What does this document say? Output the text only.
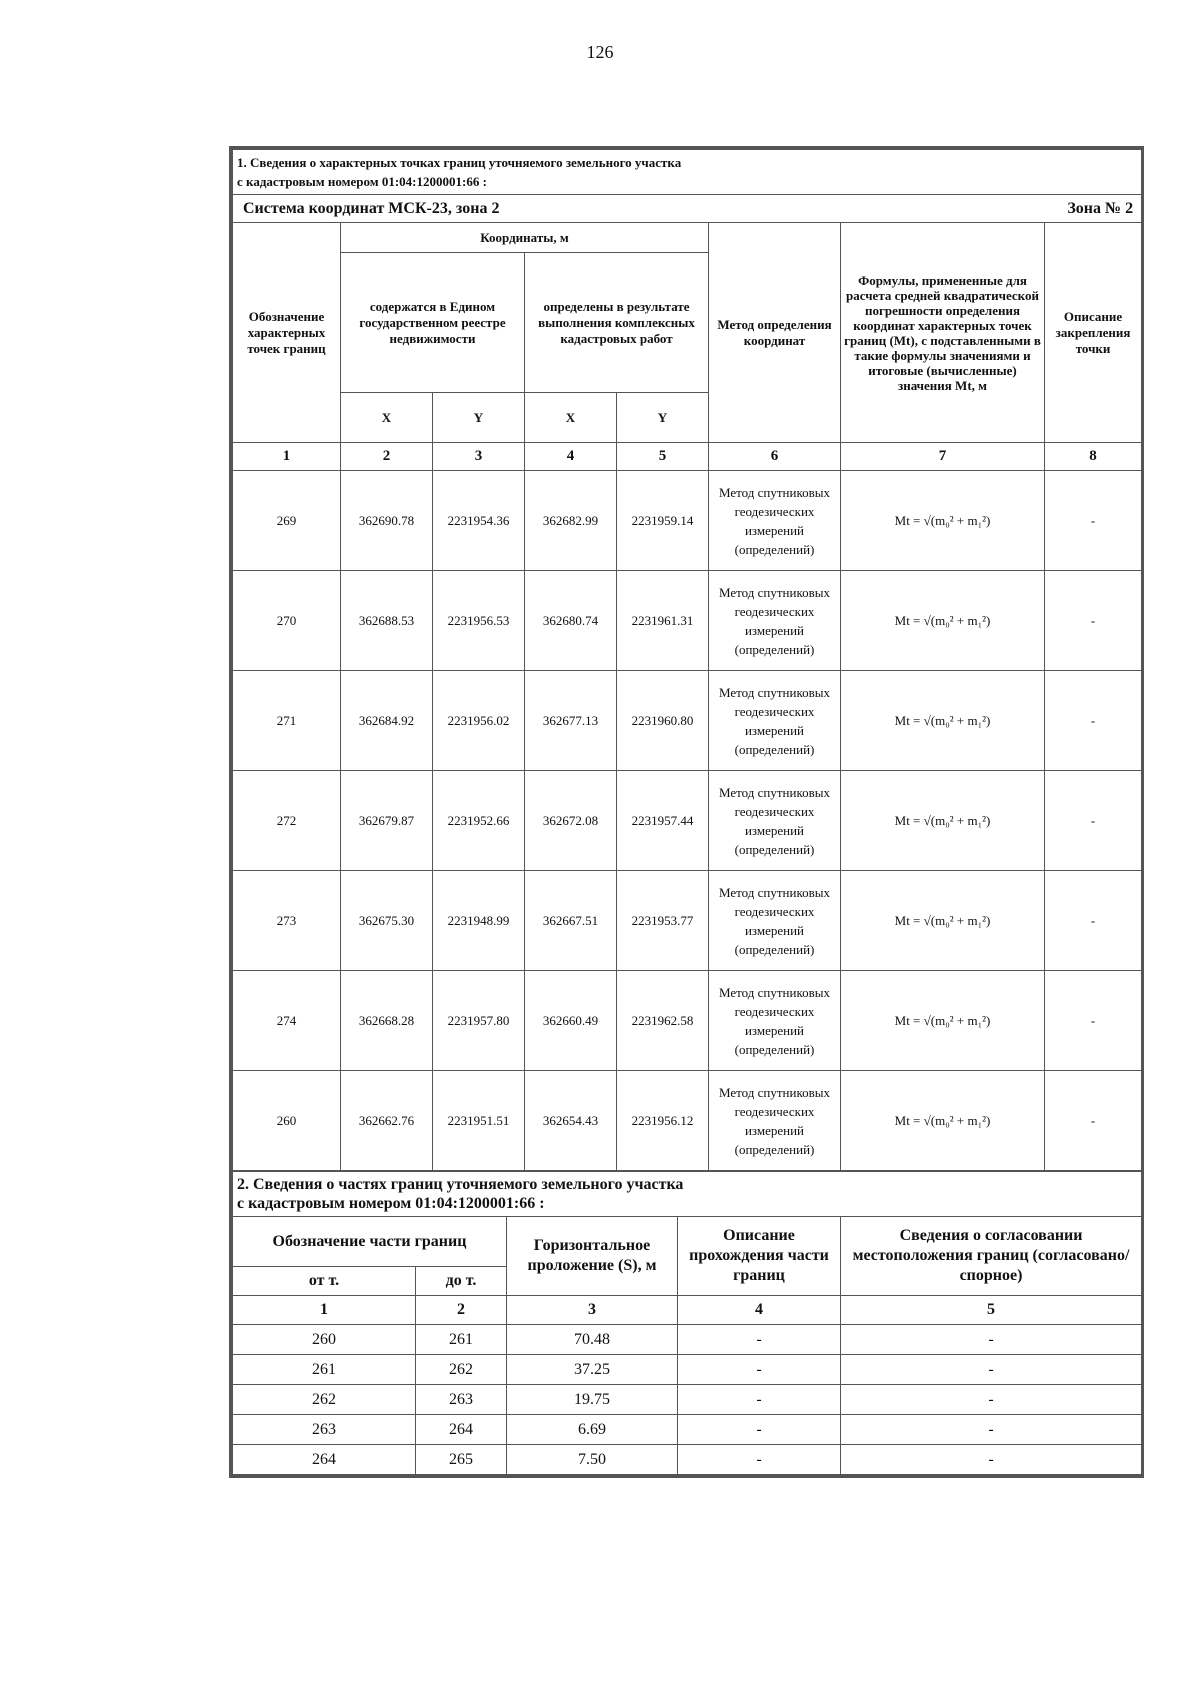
126
1. Сведения о характерных точках границ уточняемого земельного участка
с кадастровым номером 01:04:1200001:66 :							

Система координат МСК-23, зона 2						Зона № 2	
Обозначение характерных точек границ	Координаты, м				Метод определения координат	Формулы, примененные для расчета средней квадратической погрешности определения координат характерных точек границ (Mt), с подставленными в такие формулы значениями и итоговые (вычисленные) значения Mt, м	Описание закрепления точки
	содержатся в Едином государственном реестре недвижимости		определены в результате выполнения комплексных кадастровых работ				
	X	Y	X	Y			
1	2	3	4	5	6	7	8
269	362690.78	2231954.36	362682.99	2231959.14	Метод спутниковых геодезических измерений (определений)	Mt = √(m₀² + m₁²)	-
270	362688.53	2231956.53	362680.74	2231961.31	Метод спутниковых геодезических измерений (определений)	Mt = √(m₀² + m₁²)	-
271	362684.92	2231956.02	362677.13	2231960.80	Метод спутниковых геодезических измерений (определений)	Mt = √(m₀² + m₁²)	-
272	362679.87	2231952.66	362672.08	2231957.44	Метод спутниковых геодезических измерений (определений)	Mt = √(m₀² + m₁²)	-
273	362675.30	2231948.99	362667.51	2231953.77	Метод спутниковых геодезических измерений (определений)	Mt = √(m₀² + m₁²)	-
274	362668.28	2231957.80	362660.49	2231962.58	Метод спутниковых геодезических измерений (определений)	Mt = √(m₀² + m₁²)	-
260	362662.76	2231951.51	362654.43	2231956.12	Метод спутниковых геодезических измерений (определений)	Mt = √(m₀² + m₁²)	-
2. Сведения о частях границ уточняемого земельного участка
с кадастровым номером 01:04:1200001:66 :				

Обозначение части границ		Горизонтальное проложение (S), м	Описание прохождения части границ	Сведения о согласовании местоположения границ (согласовано/спорное)
от т.	до т.			
1	2	3	4	5
260	261	70.48	-	-
261	262	37.25	-	-
262	263	19.75	-	-
263	264	6.69	-	-
264	265	7.50	-	-
